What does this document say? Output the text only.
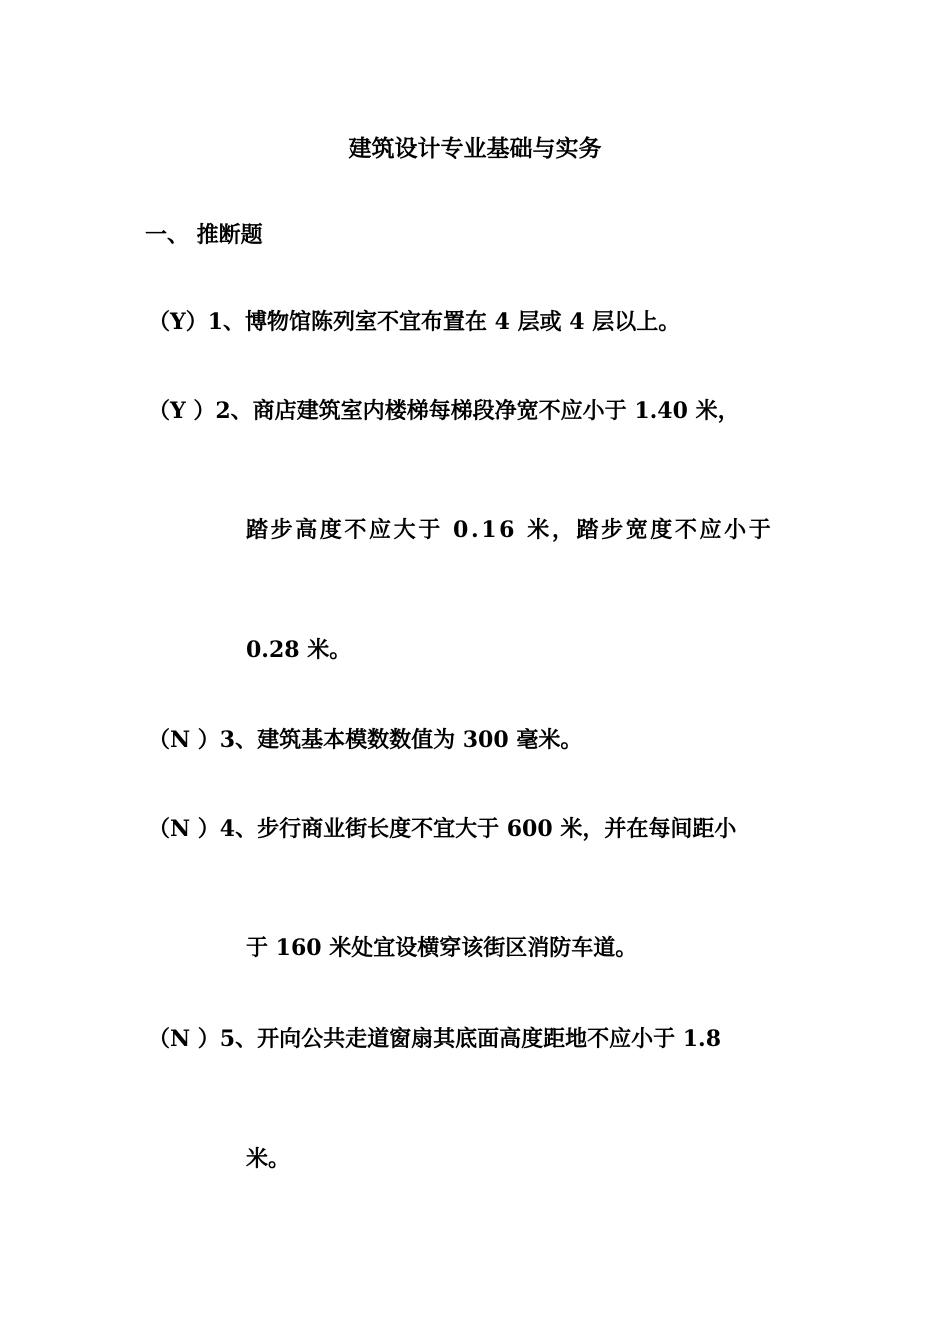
建筑设计专业基础与实务
一、 推断题
（Y）1、博物馆陈列室不宜布置在 4 层或 4 层以上。
（Y ）2、商店建筑室内楼梯每梯段净宽不应小于 1.40 米，
踏步高度不应大于 0.16 米，踏步宽度不应小于
0.28 米。
（N ）3、建筑基本模数数值为 300 毫米。
（N ）4、步行商业街长度不宜大于 600 米，并在每间距小
于 160 米处宜设横穿该街区消防车道。
（N ）5、开向公共走道窗扇其底面高度距地不应小于 1.8
米。
